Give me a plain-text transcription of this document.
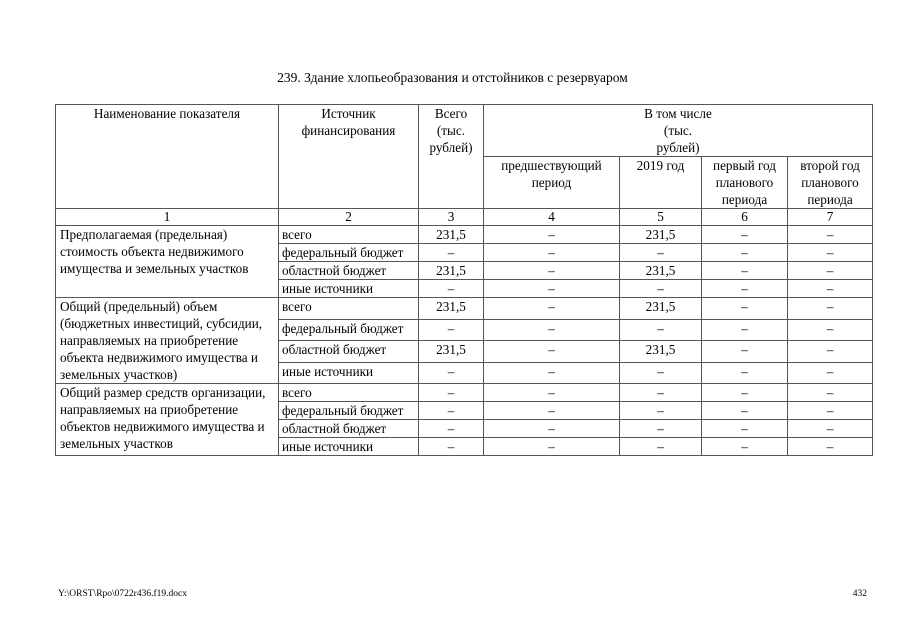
239. Здание хлопьеобразования и отстойников с резервуаром
Наименование показателя	Источник финансирования	Всего (тыс. рублей)	В том числе (тыс. рублей)			
			предшествующий период	2019 год	первый год планового периода	второй год планового периода
1	2	3	4	5	6	7
Предполагаемая (предельная) стоимость объекта недвижимого имущества и земельных участков	всего	231,5	–	231,5	–	–
	федеральный бюджет	–	–	–	–	–
	областной бюджет	231,5	–	231,5	–	–
	иные источники	–	–	–	–	–
Общий (предельный) объем (бюджетных инвестиций, субсидии, направляемых на приобретение объекта недвижимого имущества и земельных участков)	всего	231,5	–	231,5	–	–
	федеральный бюджет	–	–	–	–	–
	областной бюджет	231,5	–	231,5	–	–
	иные источники	–	–	–	–	–
Общий размер средств организации, направляемых на приобретение объектов недвижимого имущества и земельных участков	всего	–	–	–	–	–
	федеральный бюджет	–	–	–	–	–
	областной бюджет	–	–	–	–	–
	иные источники	–	–	–	–	–
Y:\ORST\Rpo\0722r436.f19.docx	432
